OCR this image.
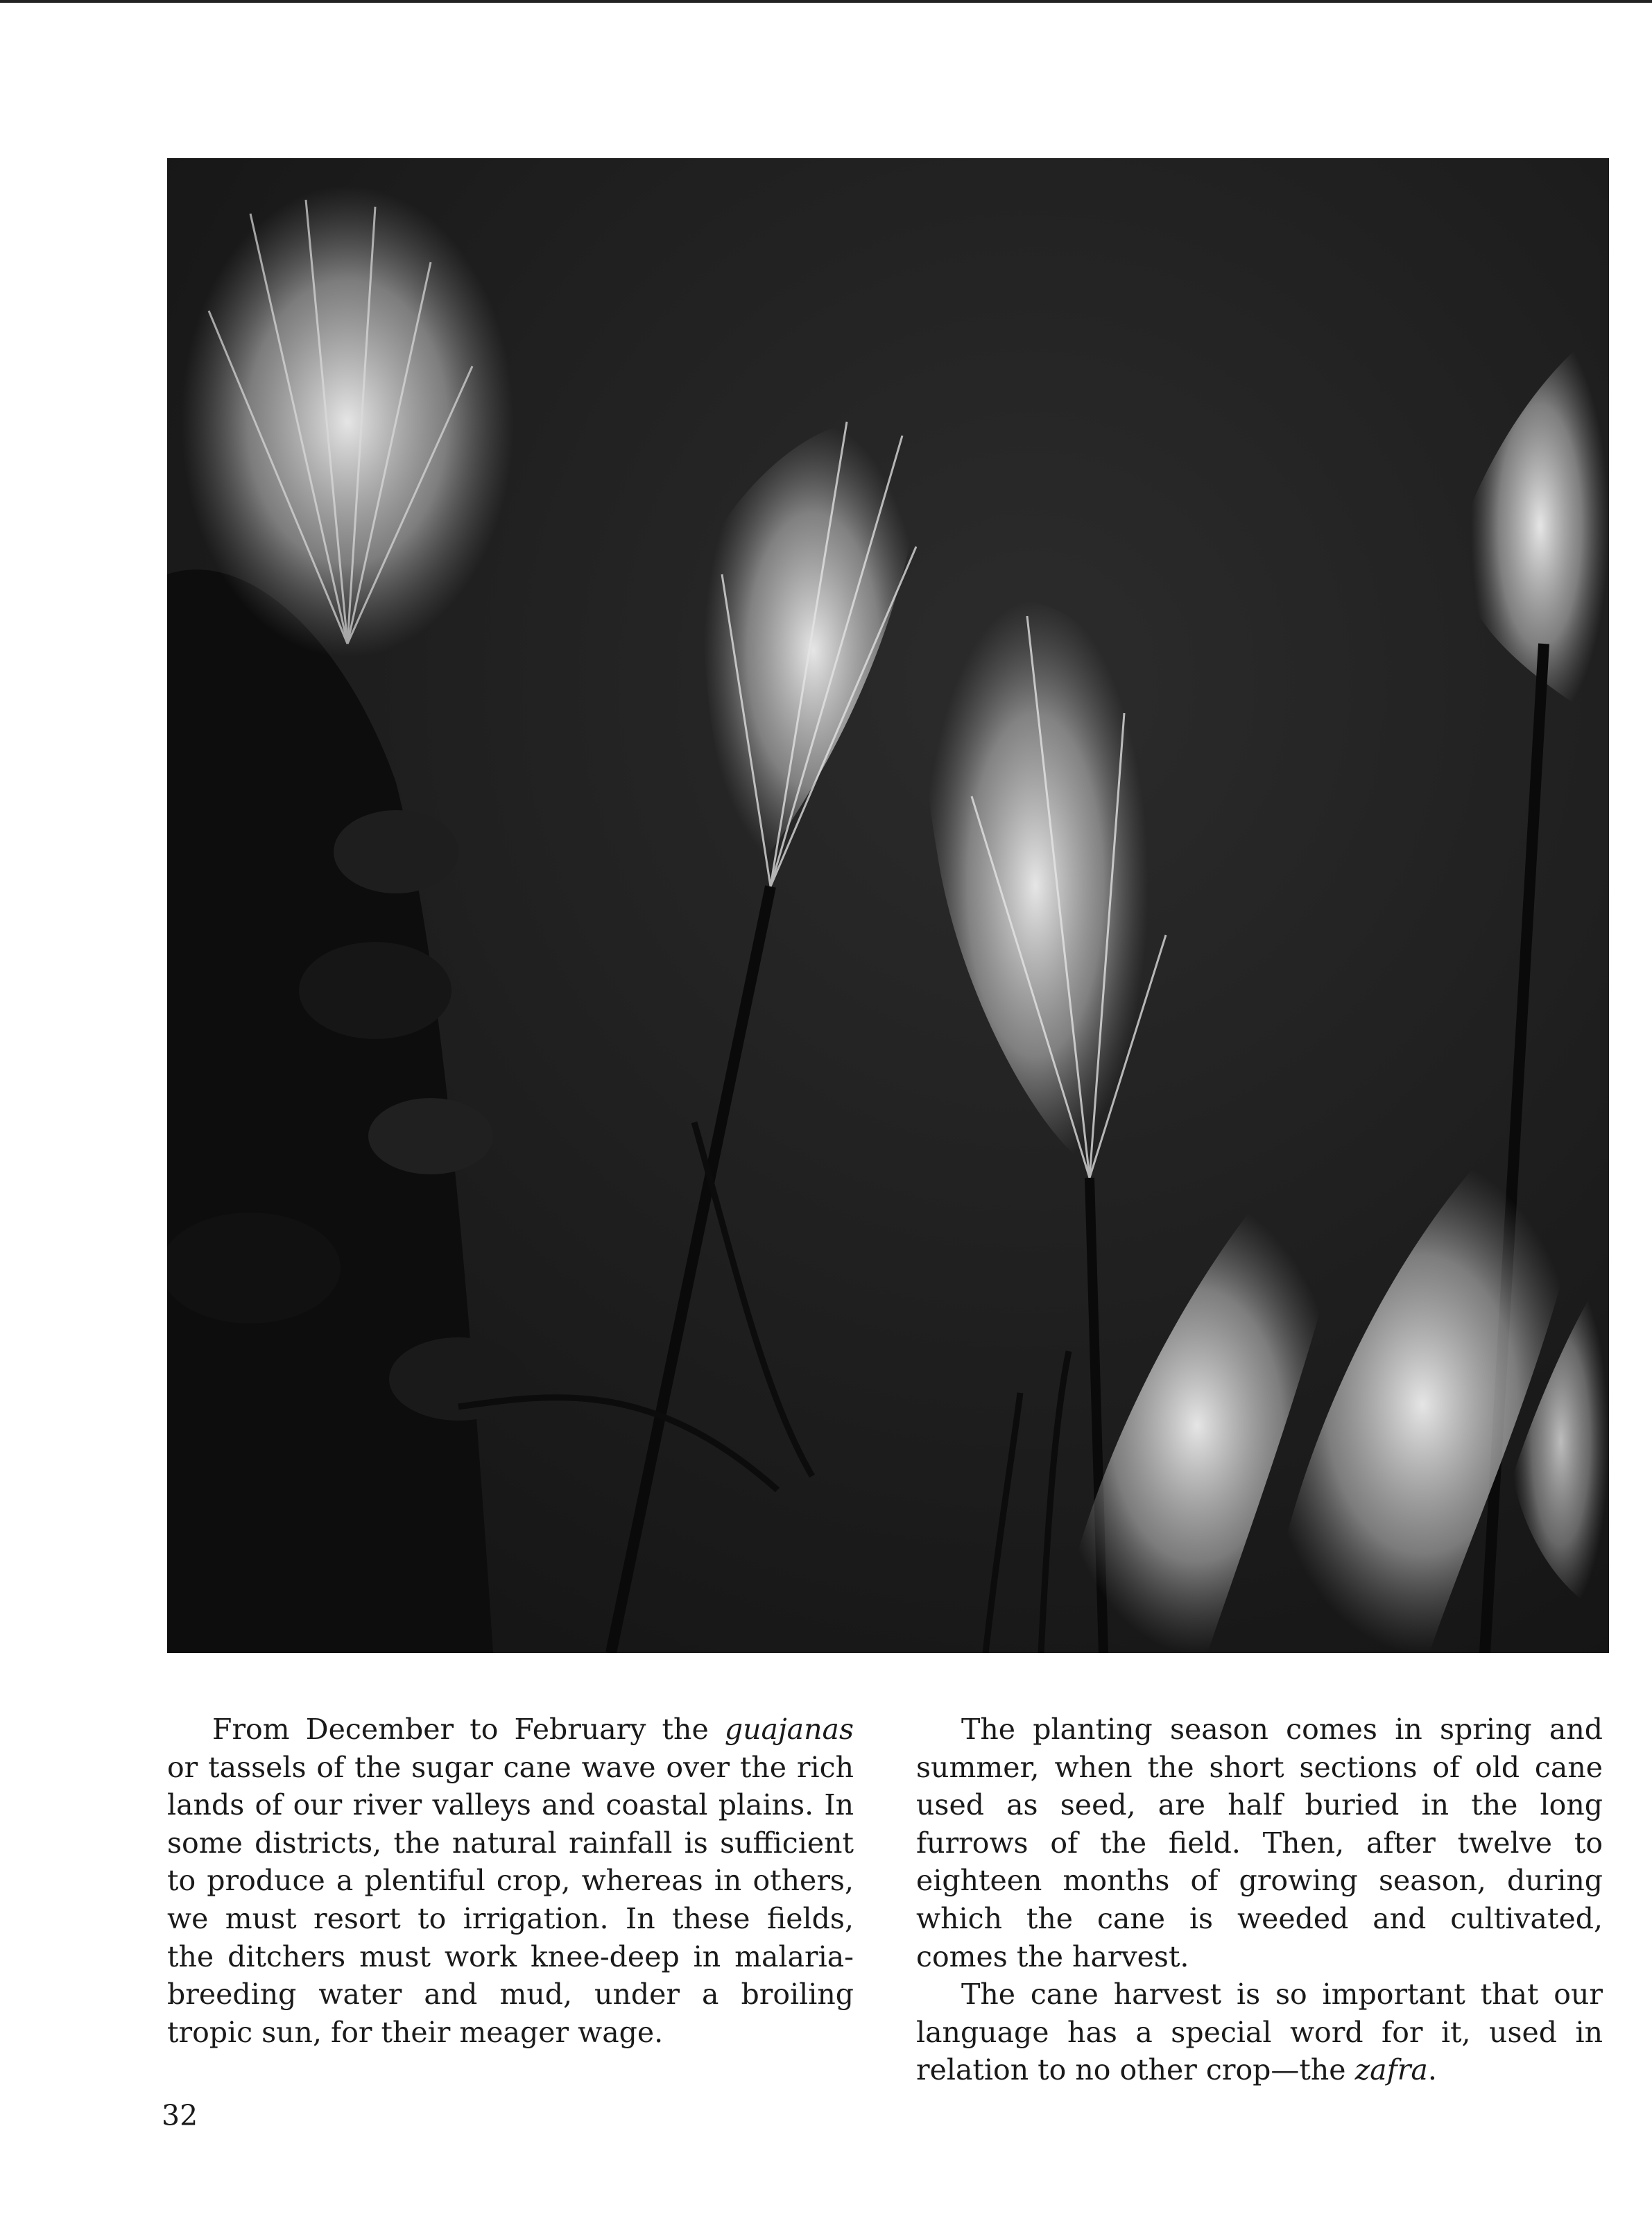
From December to February the guajanas or tassels of the sugar cane wave over the rich lands of our river valleys and coastal plains. In some districts, the natural rainfall is sufficient to produce a plentiful crop, whereas in others, we must resort to irrigation. In these fields, the ditchers must work knee-deep in malaria-breeding water and mud, under a broiling tropic sun, for their meager wage.

The planting season comes in spring and summer, when the short sections of old cane used as seed, are half buried in the long furrows of the field. Then, after twelve to eighteen months of growing season, during which the cane is weeded and cultivated, comes the harvest.

The cane harvest is so important that our language has a special word for it, used in relation to no other crop—the zafra.

32
